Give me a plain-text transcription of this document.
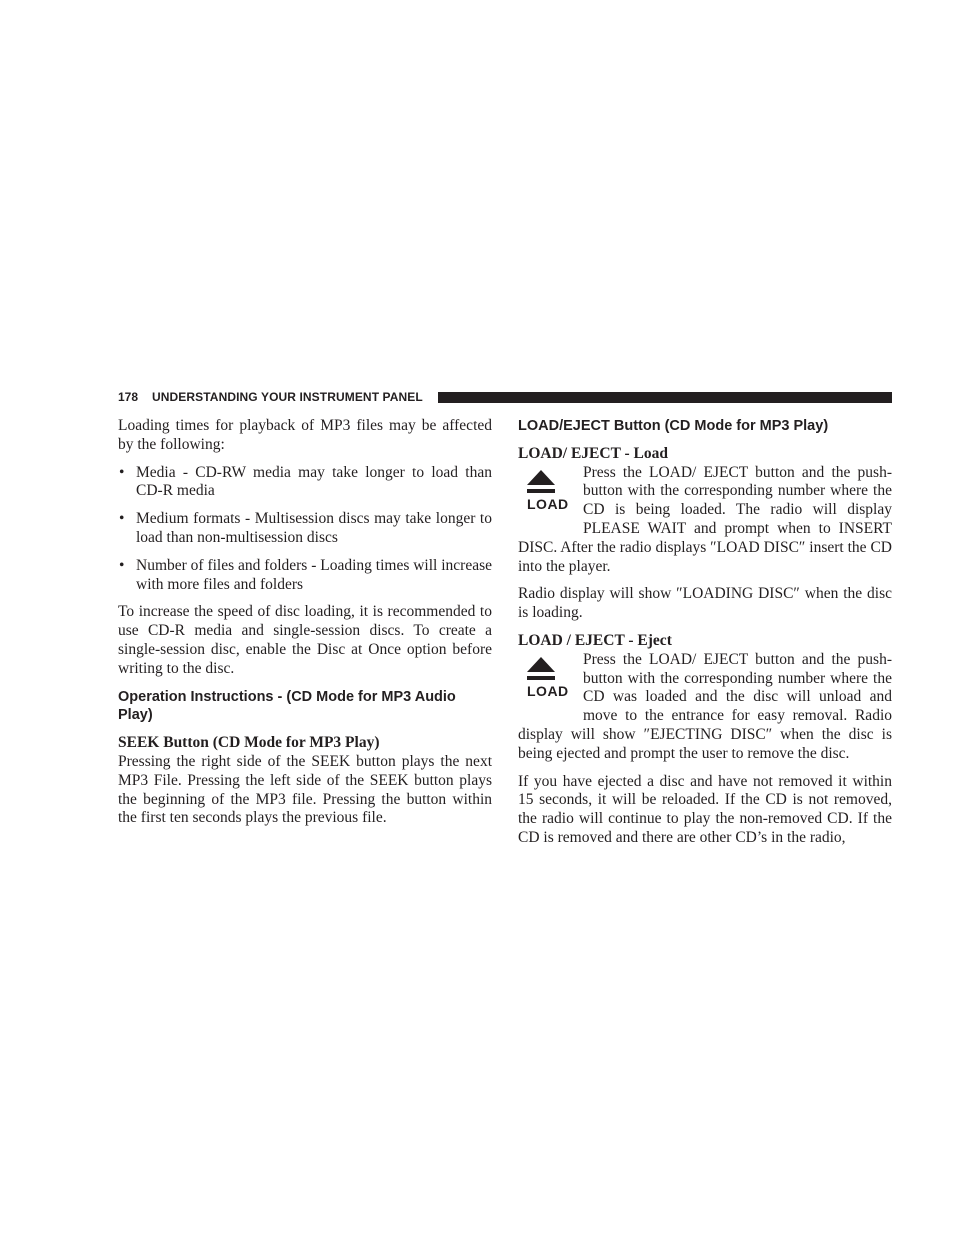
178 UNDERSTANDING YOUR INSTRUMENT PANEL

Loading times for playback of MP3 files may be affected by the following:

• Media - CD-RW media may take longer to load than CD-R media
• Medium formats - Multisession discs may take longer to load than non-multisession discs
• Number of files and folders - Loading times will increase with more files and folders

To increase the speed of disc loading, it is recommended to use CD-R media and single-session discs. To create a single-session disc, enable the Disc at Once option before writing to the disc.

Operation Instructions - (CD Mode for MP3 Audio Play)

SEEK Button (CD Mode for MP3 Play)

Pressing the right side of the SEEK button plays the next MP3 File. Pressing the left side of the SEEK button plays the beginning of the MP3 file. Pressing the button within the first ten seconds plays the previous file.

LOAD/EJECT Button (CD Mode for MP3 Play)

LOAD/ EJECT - Load

LOAD

Press the LOAD/ EJECT button and the push-button with the corresponding number where the CD is being loaded. The radio will display PLEASE WAIT and prompt when to INSERT DISC. After the radio displays ″LOAD DISC″ insert the CD into the player.

Radio display will show ″LOADING DISC″ when the disc is loading.

LOAD / EJECT - Eject

LOAD

Press the LOAD/ EJECT button and the push-button with the corresponding number where the CD was loaded and the disc will unload and move to the entrance for easy removal. Radio display will show ″EJECTING DISC″ when the disc is being ejected and prompt the user to remove the disc.

If you have ejected a disc and have not removed it within 15 seconds, it will be reloaded. If the CD is not removed, the radio will continue to play the non-removed CD. If the CD is removed and there are other CD’s in the radio,
